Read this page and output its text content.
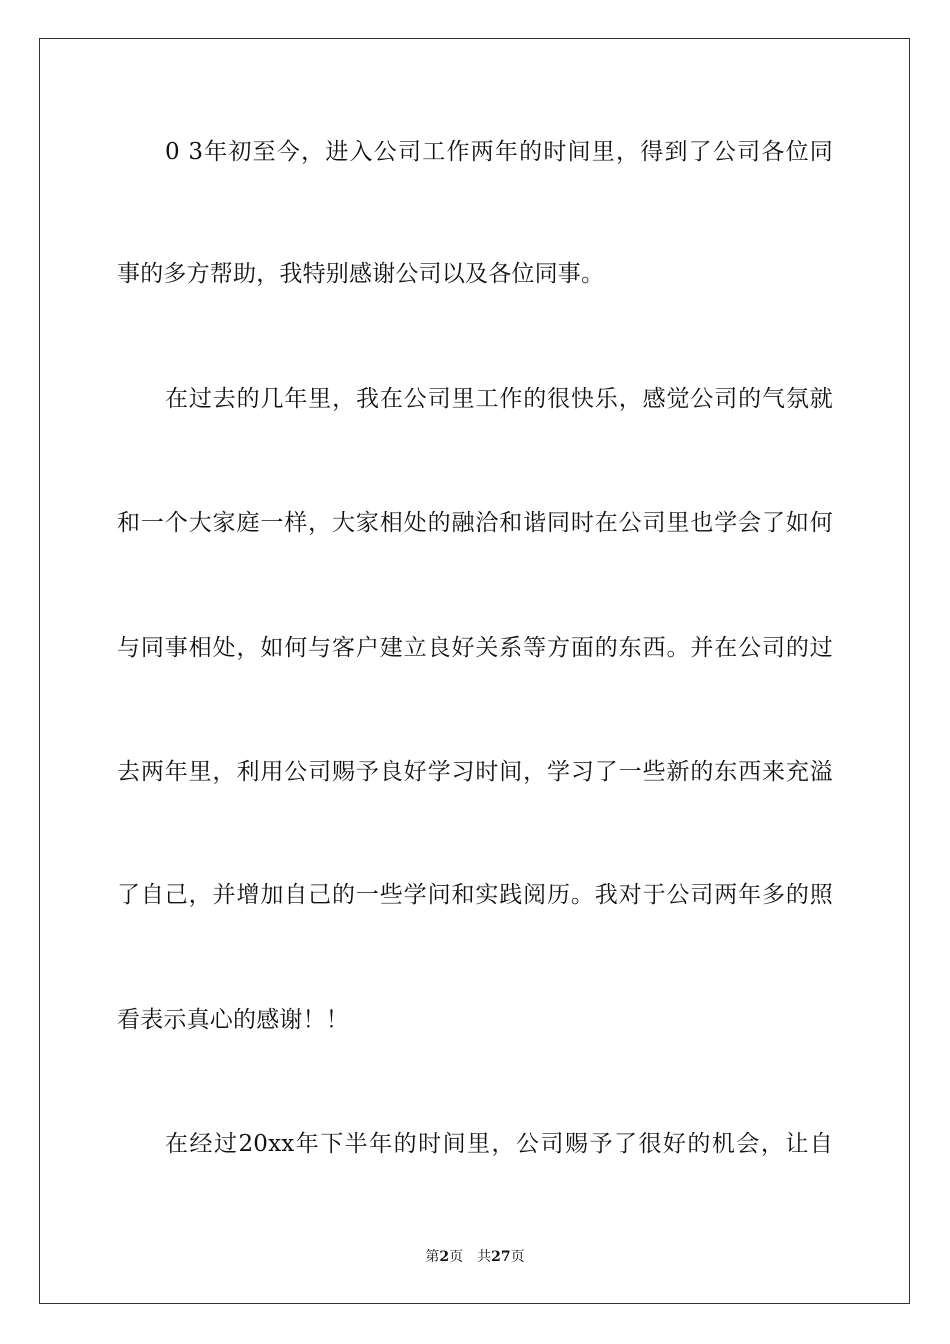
0 3年初至今，进入公司工作两年的时间里，得到了公司各位同
事的多方帮助，我特别感谢公司以及各位同事。
在过去的几年里，我在公司里工作的很快乐，感觉公司的气氛就
和一个大家庭一样，大家相处的融洽和谐同时在公司里也学会了如何
与同事相处，如何与客户建立良好关系等方面的东西。并在公司的过
去两年里，利用公司赐予良好学习时间，学习了一些新的东西来充溢
了自己，并增加自己的一些学问和实践阅历。我对于公司两年多的照
看表示真心的感谢！！
在经过20xx年下半年的时间里，公司赐予了很好的机会，让自
第2页 共27页
